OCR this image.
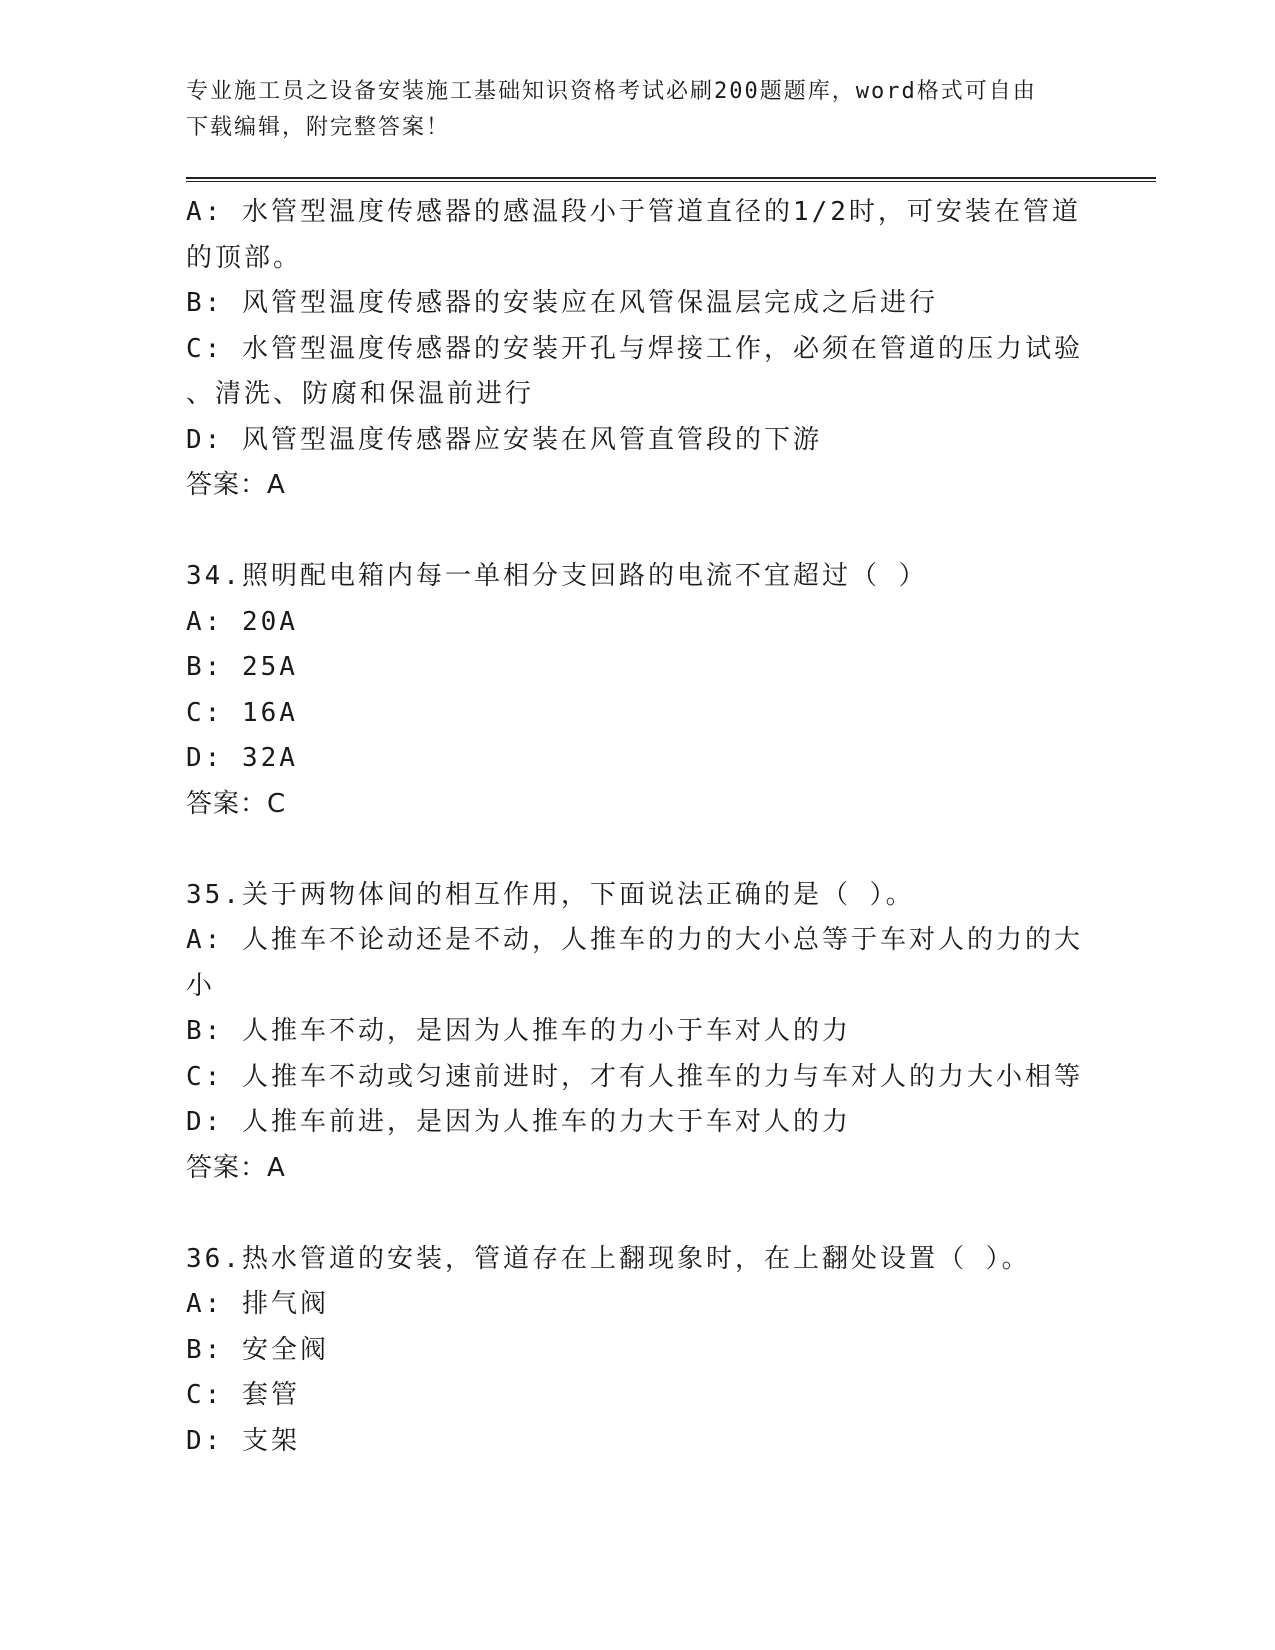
专业施工员之设备安装施工基础知识资格考试必刷200题题库，word格式可自由
下载编辑，附完整答案！
A: 水管型温度传感器的感温段小于管道直径的1/2时，可安装在管道
的顶部。
B: 风管型温度传感器的安装应在风管保温层完成之后进行
C: 水管型温度传感器的安装开孔与焊接工作，必须在管道的压力试验
、清洗、防腐和保温前进行
D: 风管型温度传感器应安装在风管直管段的下游
答案：A
34.照明配电箱内每一单相分支回路的电流不宜超过（ ）
A: 20A
B: 25A
C: 16A
D: 32A
答案：C
35.关于两物体间的相互作用，下面说法正确的是（ ）。
A: 人推车不论动还是不动，人推车的力的大小总等于车对人的力的大
小
B: 人推车不动，是因为人推车的力小于车对人的力
C: 人推车不动或匀速前进时，才有人推车的力与车对人的力大小相等
D: 人推车前进，是因为人推车的力大于车对人的力
答案：A
36.热水管道的安装，管道存在上翻现象时，在上翻处设置（ ）。
A: 排气阀
B: 安全阀
C: 套管
D: 支架
